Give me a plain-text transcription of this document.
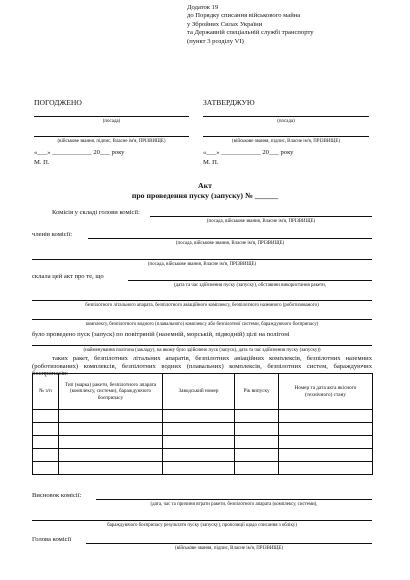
Додаток 19
до Порядку списання військового майна
у Збройних Силах України
та Державній спеціальній службі транспорту
(пункт 3 розділу VI)
ПОГОДЖЕНО
(посада)
(військове звання, підпис, Власне ім'я, ПРІЗВИЩЕ)
«___» ____________ 20___ року
М. П.
ЗАТВЕРДЖУЮ
(посада)
(військове звання, підпис, Власне ім'я, ПРІЗВИЩЕ)
«___» ____________ 20___ року
М. П.
Акт
про проведення пуску (запуску) № ______
Комісія у складі голови комісії:
(посада, військове звання, Власне ім'я, ПРІЗВИЩЕ)
членів комісії:
(посада, військове звання, Власне ім'я, ПРІЗВИЩЕ)
(посада, військове звання, Власне ім'я, ПРІЗВИЩЕ)
склала цей акт про те, що
(дата та час здійснення пуску (запуску), обставини використання ракети,
безпілотного літального апарата, безпілотного авіаційного комплексу, безпілотного наземного (роботизованого)
комплексу, безпілотного водного (плавального) комплексу або безпілотної системи, бараждуючого боєприпасу)
було проведено пуск (запуск) по повітряній (наземній, морській, підводній) цілі на полігоні
(найменування полігона (закладу), на якому було здійснено пуск (запуск), дата та час здійснення пуску (запуску))
таких ракет, безпілотних літальних апаратів, безпілотних авіаційних комплексів, безпілотних наземних (роботизованих) комплексів, безпілотних водних (плавальних) комплексів, безпілотних систем, бараждуючих боєприпасів:
№ з/п	Тип (марка) ракети, безпілотного апарата (комплексу, системи), бараждуючого боєприпасу	Заводський номер	Рік випуску	Номер та дата акта якісного (технічного) стану

Висновок комісії:
(дата, час та причини втрати ракети, безпілотного апарата (комплексу, системи),
бараждуючого боєприпасу результати пуску (запуску), пропозиції щодо списання з обліку)
Голова комісії
(військове звання, підпис, Власне ім'я, ПРІЗВИЩЕ)
